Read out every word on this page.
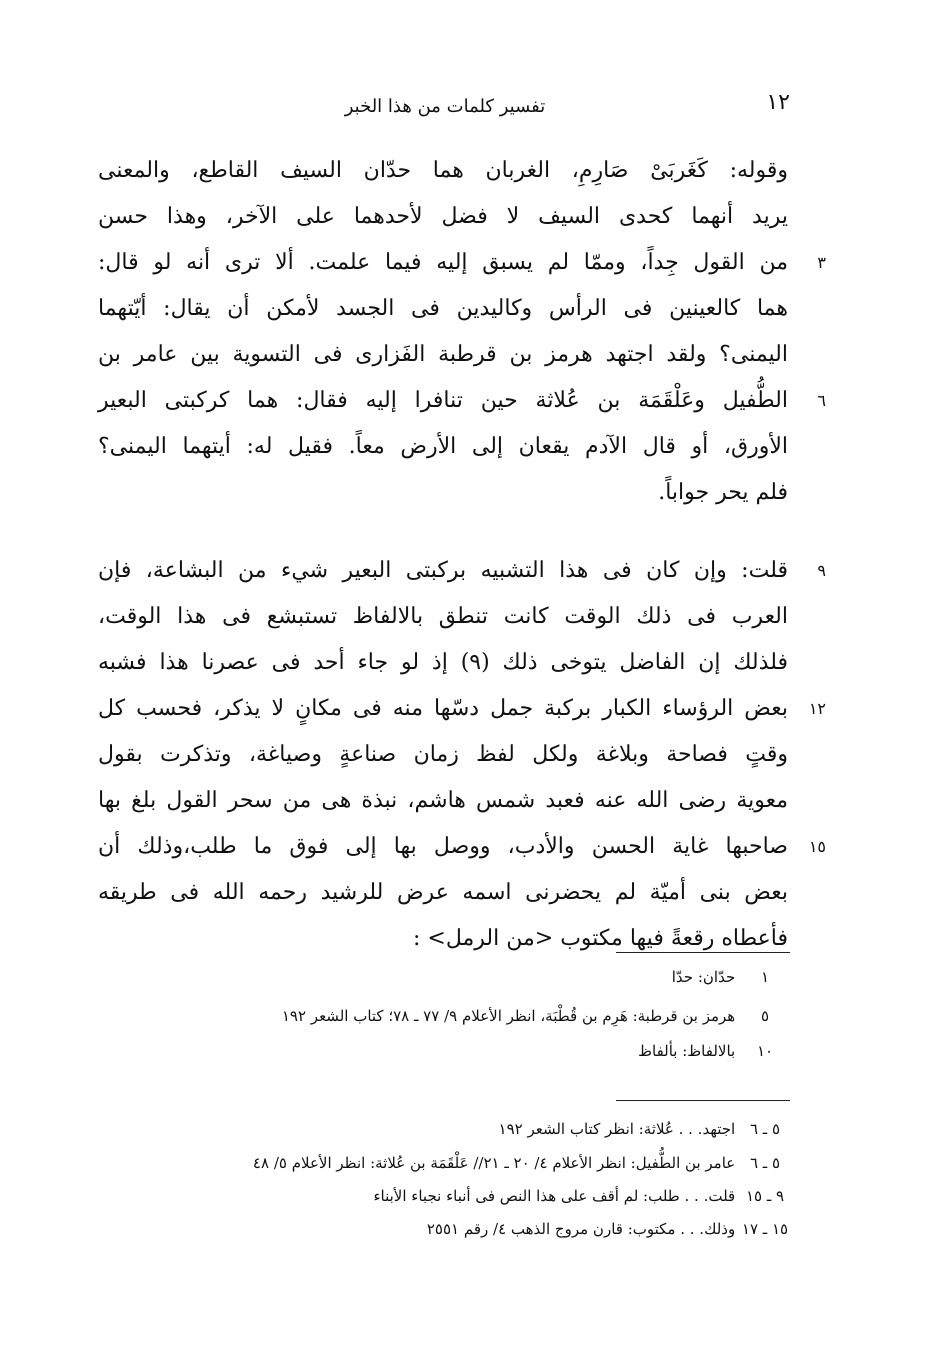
١٢
تفسير كلمات من هذا الخبر
وقوله: كَغَربَىْ صَارِمِ، الغربان هما حدّان السيف القاطع، والمعنى
يريد أنهما كحدى السيف لا فضل لأحدهما على الآخر، وهذا حسن
٣
من القول جِداً، وممّا لم يسبق إليه فيما علمت. ألا ترى أنه لو قال:
هما كالعينين فى الرأس وكاليدين فى الجسد لأمكن أن يقال: أيّتهما
اليمنى؟ ولقد اجتهد هرمز بن قرطبة الفَزارى فى التسوية بين عامر بن
٦
الطُّفيل وعَلْقَمَة بن عُلاثة حين تنافرا إليه فقال: هما كركبتى البعير
الأورق، أو قال الآدم يقعان إلى الأرض معاً. فقيل له: أيتهما اليمنى؟
فلم يحر جواباً.
٩
قلت: وإن كان فى هذا التشبيه بركبتى البعير شيء من البشاعة، فإن
العرب فى ذلك الوقت كانت تنطق بالالفاظ تستبشع فى هذا الوقت،
فلذلك إن الفاضل يتوخى ذلك (٩) إذ لو جاء أحد فى عصرنا هذا فشبه
١٢
بعض الرؤساء الكبار بركبة جمل دسّها منه فى مكانٍ لا يذكر، فحسب كل
وقتٍ فصاحة وبلاغة ولكل لفظ زمان صناعةٍ وصياغة، وتذكرت بقول
معوية رضى الله عنه فعبد شمس هاشم، نبذة هى من سحر القول بلغ بها
١٥
صاحبها غاية الحسن والأدب، ووصل بها إلى فوق ما طلب،وذلك أن
بعض بنى أميّة لم يحضرنى اسمه عرض للرشيد رحمه الله فى طريقه
فأعطاه رقعةً فيها مكتوب <من الرمل> :
١ حدّان: حدّا
٥ هرمز بن قرطبة: هَرِم بن قُطْبَة، انظر الأعلام ٩/ ٧٧ ـ ٧٨؛ كتاب الشعر ١٩٢
١٠ بالالفاظ: بألفاظ
٥ ـ ٦ اجتهد. . . عُلاثة: انظر كتاب الشعر ١٩٢
٥ ـ ٦ عامر بن الطُّفيل: انظر الأعلام ٤/ ٢٠ ـ ٢١// عَلْقَمَة بن عُلاثة: انظر الأعلام ٥/ ٤٨
٩ ـ ١٥ قلت. . . طلب: لم أقف على هذا النص فى أنباء نجباء الأبناء
١٥ ـ ١٧ وذلك. . . مكتوب: قارن مروج الذهب ٤/ رقم ٢٥٥١
